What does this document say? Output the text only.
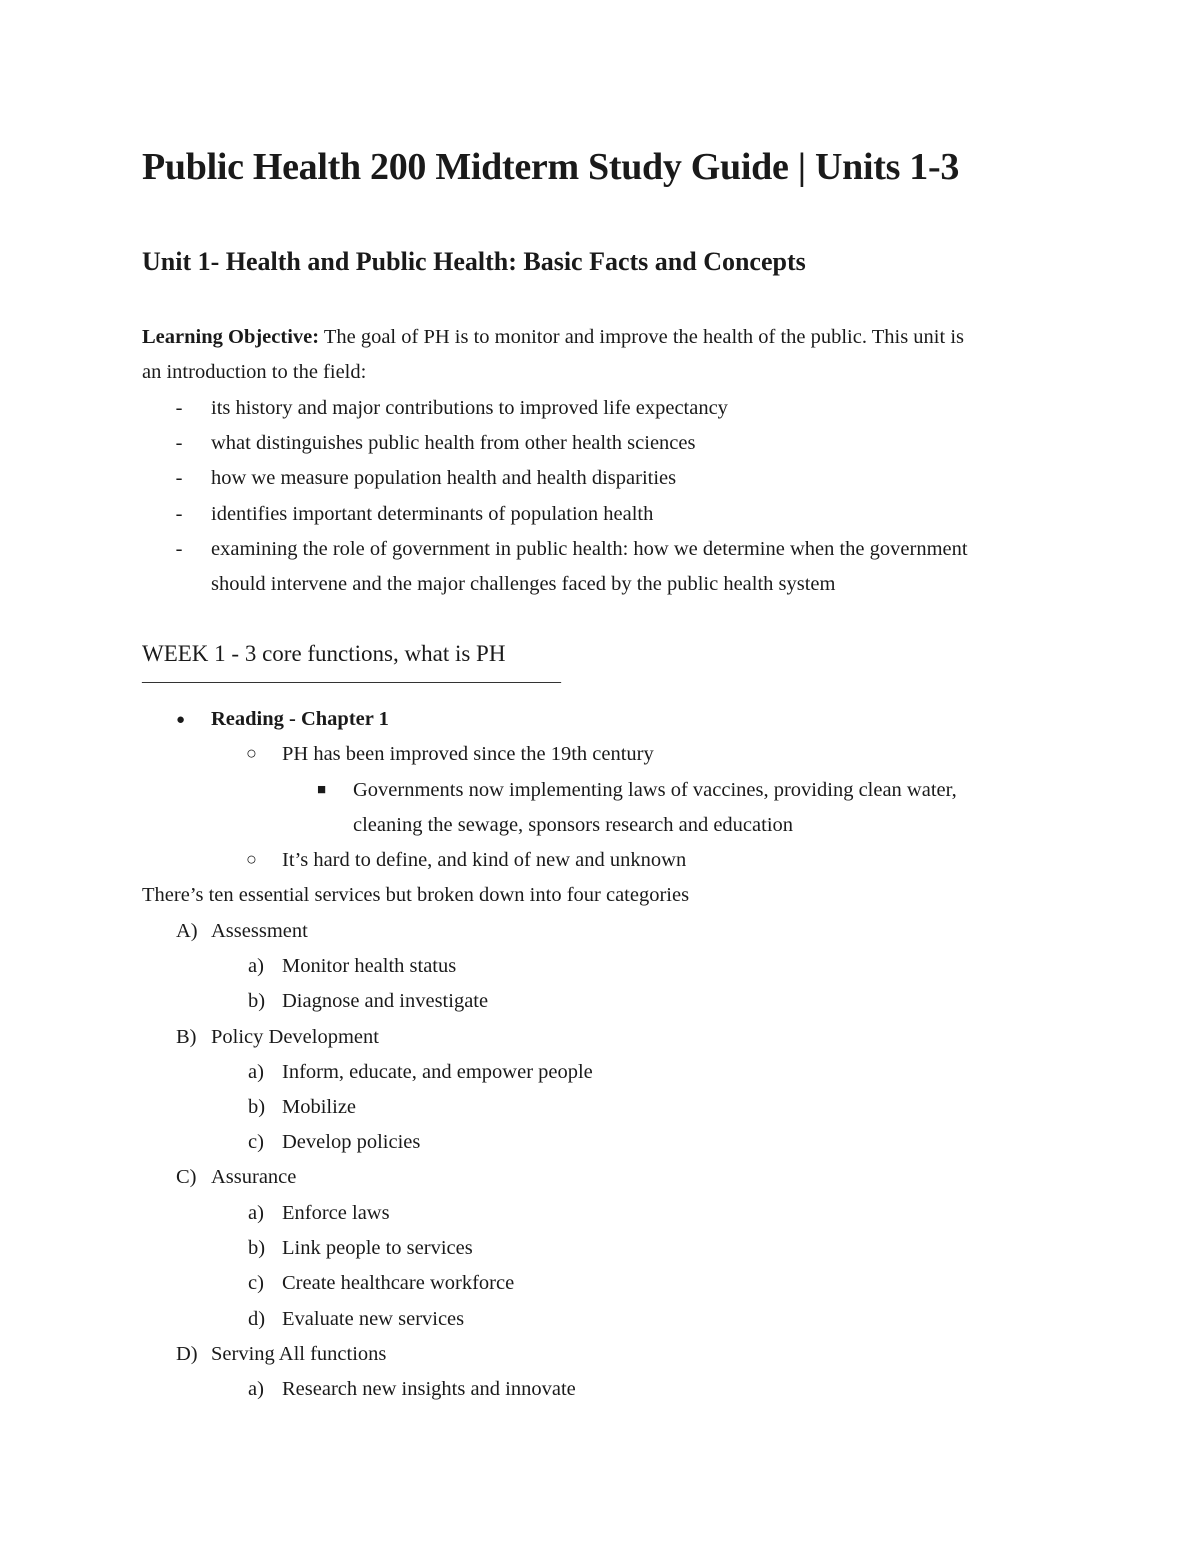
Public Health 200 Midterm Study Guide | Units 1-3
Unit 1- Health and Public Health: Basic Facts and Concepts
Learning Objective: The goal of PH is to monitor and improve the health of the public. This unit is
an introduction to the field:
- its history and major contributions to improved life expectancy
- what distinguishes public health from other health sciences
- how we measure population health and health disparities
- identifies important determinants of population health
- examining the role of government in public health: how we determine when the government
should intervene and the major challenges faced by the public health system
WEEK 1 - 3 core functions, what is PH
——————————————————————
● Reading - Chapter 1
○ PH has been improved since the 19th century
■ Governments now implementing laws of vaccines, providing clean water,
cleaning the sewage, sponsors research and education
○ It’s hard to define, and kind of new and unknown
There’s ten essential services but broken down into four categories
A) Assessment
a) Monitor health status
b) Diagnose and investigate
B) Policy Development
a) Inform, educate, and empower people
b) Mobilize
c) Develop policies
C) Assurance
a) Enforce laws
b) Link people to services
c) Create healthcare workforce
d) Evaluate new services
D) Serving All functions
a) Research new insights and innovate
